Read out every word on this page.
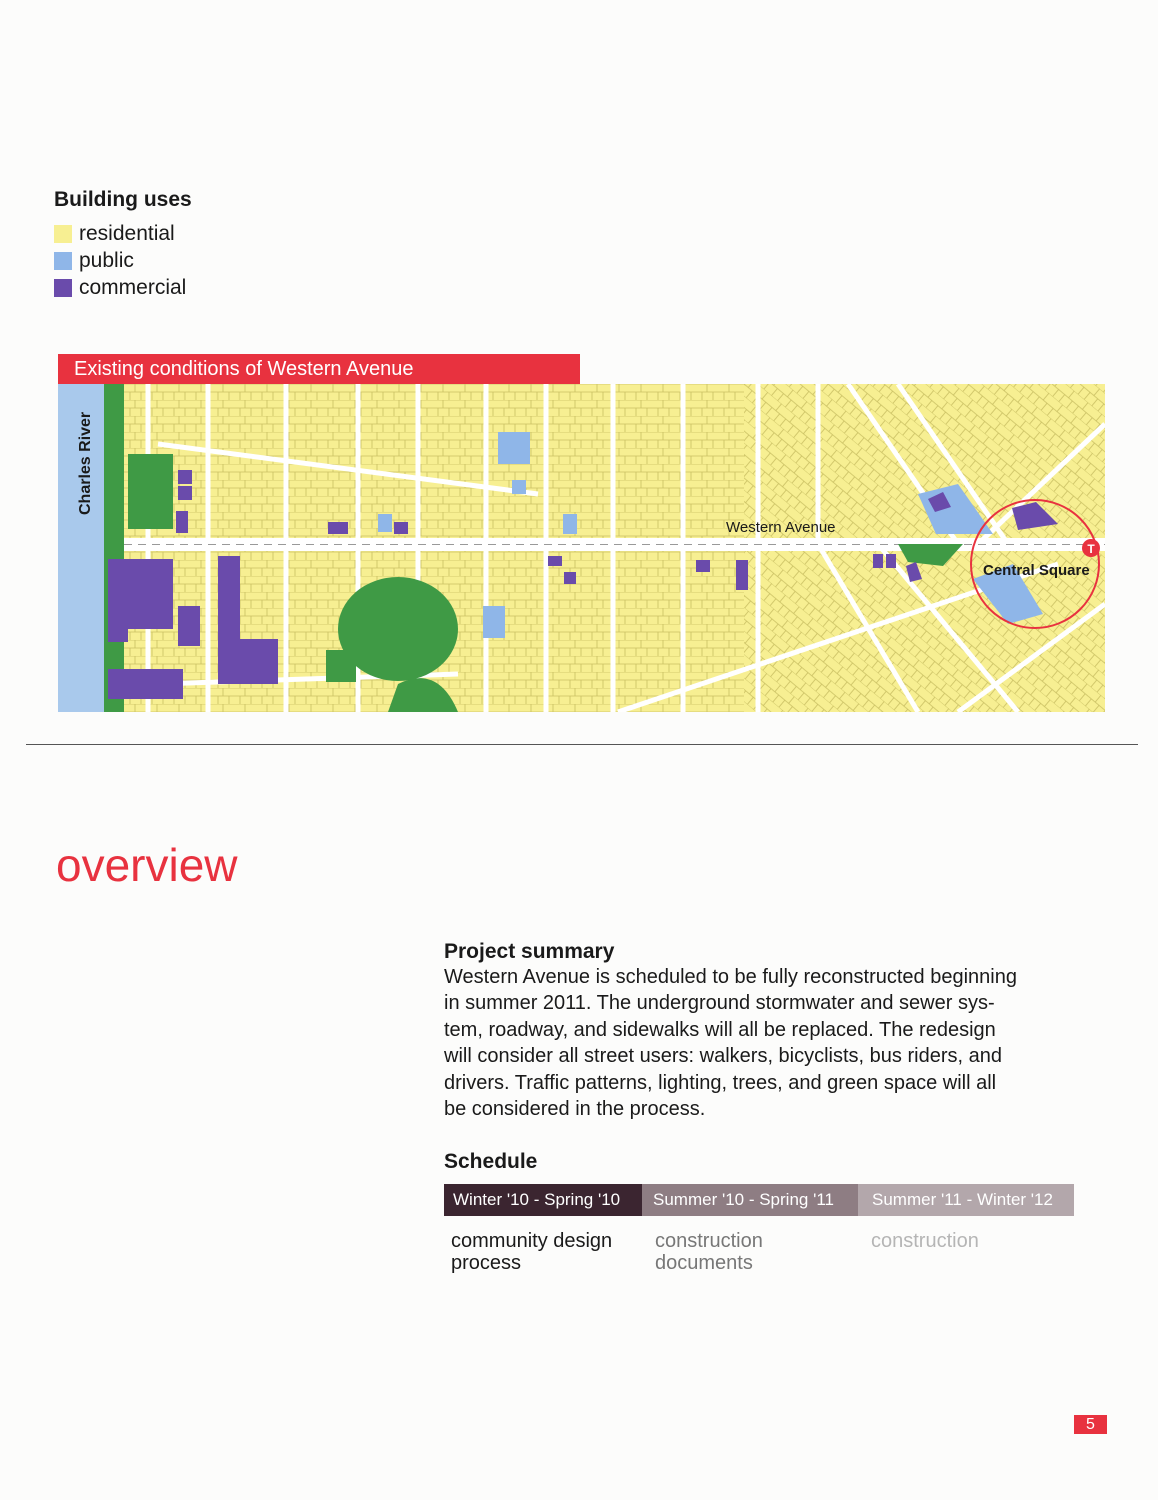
Building uses
residential
public
commercial
Existing conditions of Western Avenue
Charles River
T
Western Avenue
Central Square
overview
Project summary

Western Avenue is scheduled to be fully reconstructed beginning
in summer 2011. The underground stormwater and sewer sys-
tem, roadway, and sidewalks will all be replaced. The redesign
will consider all street users: walkers, bicyclists, bus riders, and
drivers. Traffic patterns, lighting, trees, and green space will all
be considered in the process.

Schedule
Winter '10 - Spring '10	Summer '10 - Spring '11	Summer '11 - Winter '12
community design
process
construction
documents
construction
5
